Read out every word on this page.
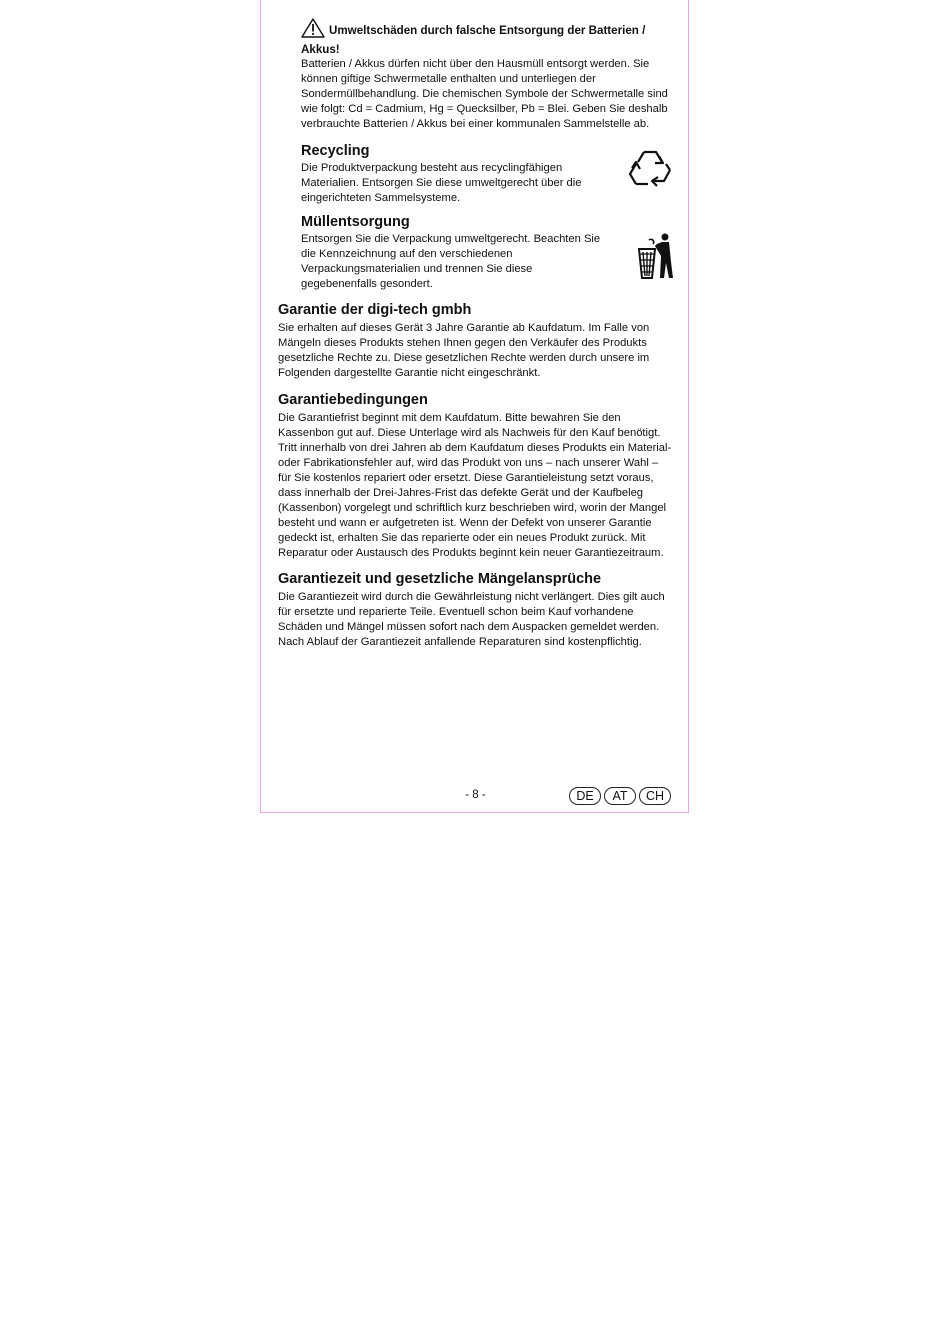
Umweltschäden durch falsche Entsorgung der Batterien / Akkus!

Batterien / Akkus dürfen nicht über den Hausmüll entsorgt werden. Sie können giftige Schwermetalle enthalten und unterliegen der Sondermüllbehandlung. Die chemischen Symbole der Schwermetalle sind wie folgt: Cd = Cadmium, Hg = Quecksilber, Pb = Blei. Geben Sie deshalb verbrauchte Batterien / Akkus bei einer kommunalen Sammelstelle ab.

Recycling

Die Produktverpackung besteht aus recyclingfähigen Materialien. Entsorgen Sie diese umweltgerecht über die eingerichteten Sammelsysteme.

Müllentsorgung

Entsorgen Sie die Verpackung umweltgerecht. Beachten Sie die Kennzeichnung auf den verschiedenen Verpackungsmaterialien und trennen Sie diese gegebenenfalls gesondert.

Garantie der digi-tech gmbh

Sie erhalten auf dieses Gerät 3 Jahre Garantie ab Kaufdatum. Im Falle von Mängeln dieses Produkts stehen Ihnen gegen den Verkäufer des Produkts gesetzliche Rechte zu. Diese gesetzlichen Rechte werden durch unsere im Folgenden dargestellte Garantie nicht eingeschränkt.

Garantiebedingungen

Die Garantiefrist beginnt mit dem Kaufdatum. Bitte bewahren Sie den Kassenbon gut auf. Diese Unterlage wird als Nachweis für den Kauf benötigt. Tritt innerhalb von drei Jahren ab dem Kaufdatum dieses Produkts ein Material- oder Fabrikationsfehler auf, wird das Produkt von uns – nach unserer Wahl – für Sie kostenlos repariert oder ersetzt. Diese Garantieleistung setzt voraus, dass innerhalb der Drei-Jahres-Frist das defekte Gerät und der Kaufbeleg (Kassenbon) vorgelegt und schriftlich kurz beschrieben wird, worin der Mangel besteht und wann er aufgetreten ist. Wenn der Defekt von unserer Garantie gedeckt ist, erhalten Sie das reparierte oder ein neues Produkt zurück. Mit Reparatur oder Austausch des Produkts beginnt kein neuer Garantiezeitraum.

Garantiezeit und gesetzliche Mängelansprüche

Die Garantiezeit wird durch die Gewährleistung nicht verlängert. Dies gilt auch für ersetzte und reparierte Teile. Eventuell schon beim Kauf vorhandene Schäden und Mängel müssen sofort nach dem Auspacken gemeldet werden. Nach Ablauf der Garantiezeit anfallende Reparaturen sind kostenpflichtig.

- 8 -	DE	AT	CH
